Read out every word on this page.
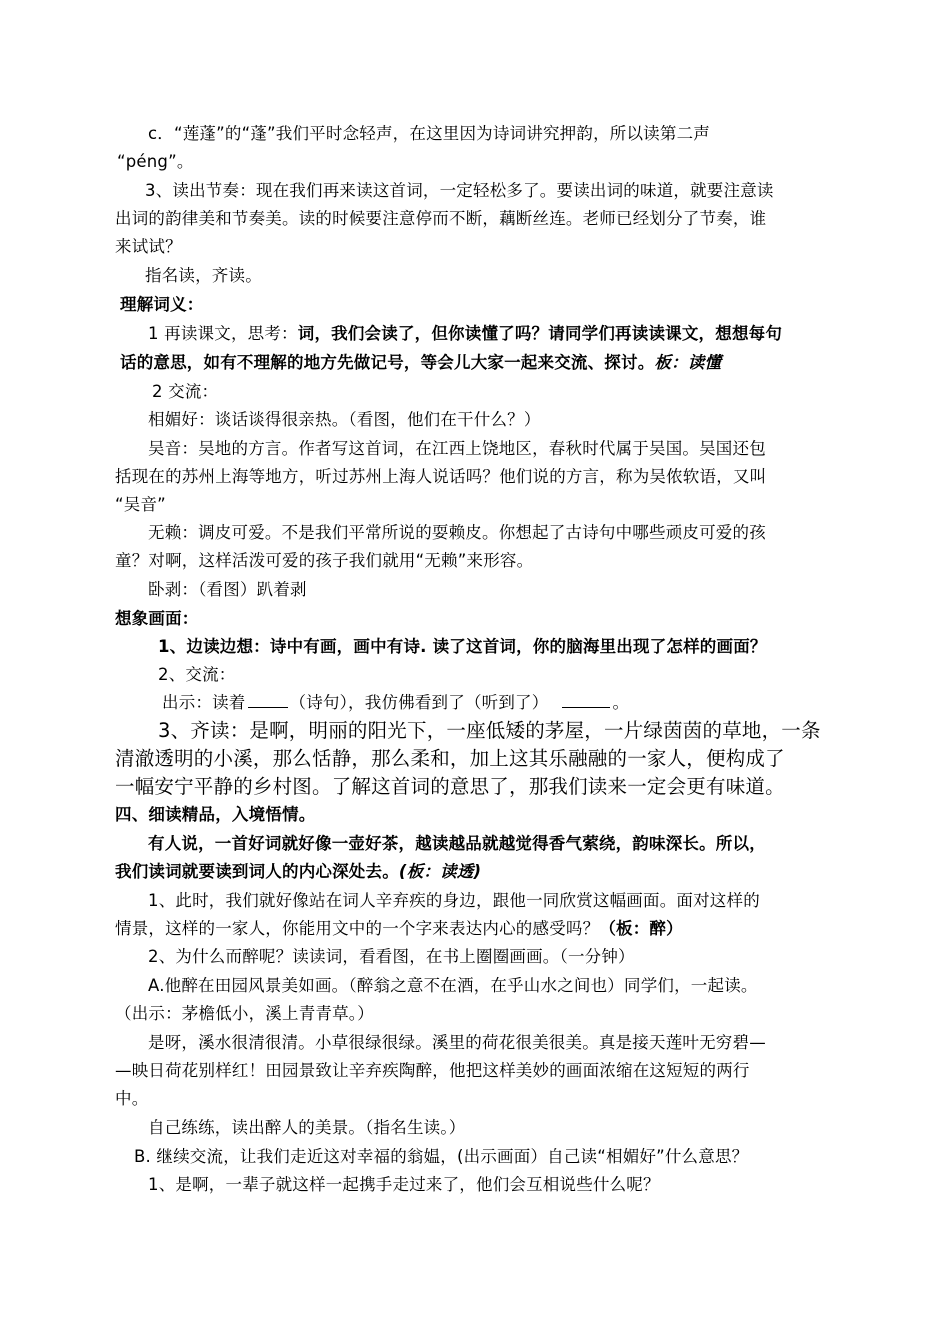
c．“莲蓬”的“蓬”我们平时念轻声，在这里因为诗词讲究押韵，所以读第二声
“péng”。
3、读出节奏：现在我们再来读这首词，一定轻松多了。要读出词的味道，就要注意读
出词的韵律美和节奏美。读的时候要注意停而不断，藕断丝连。老师已经划分了节奏，谁
来试试？
指名读，齐读。
理解词义：
1 再读课文，思考：词，我们会读了，但你读懂了吗？请同学们再读读课文，想想每句
话的意思，如有不理解的地方先做记号，等会儿大家一起来交流、探讨。板：读懂
2 交流：
相媚好：谈话谈得很亲热。（看图，他们在干什么？）
吴音：吴地的方言。作者写这首词，在江西上饶地区，春秋时代属于吴国。吴国还包
括现在的苏州上海等地方，听过苏州上海人说话吗？他们说的方言，称为吴侬软语，又叫
“吴音”
无赖：调皮可爱。不是我们平常所说的耍赖皮。你想起了古诗句中哪些顽皮可爱的孩
童？对啊，这样活泼可爱的孩子我们就用“无赖”来形容。
卧剥：（看图）趴着剥
想象画面：
1、边读边想：诗中有画，画中有诗. 读了这首词，你的脑海里出现了怎样的画面？
2、交流：
出示：读着	（诗句），我仿佛看到了（听到了）	。
3、齐读：是啊，明丽的阳光下，一座低矮的茅屋，一片绿茵茵的草地，一条
清澈透明的小溪，那么恬静，那么柔和，加上这其乐融融的一家人，便构成了
一幅安宁平静的乡村图。了解这首词的意思了，那我们读来一定会更有味道。
四、细读精品，入境悟情。
有人说，一首好词就好像一壶好茶，越读越品就越觉得香气萦绕，韵味深长。所以，
我们读词就要读到词人的内心深处去。(板：读透)
1、此时，我们就好像站在词人辛弃疾的身边，跟他一同欣赏这幅画面。面对这样的
情景，这样的一家人，你能用文中的一个字来表达内心的感受吗？（板：醉）
2、为什么而醉呢？读读词，看看图，在书上圈圈画画。（一分钟）
A.他醉在田园风景美如画。（醉翁之意不在酒，在乎山水之间也）同学们，一起读。
（出示：茅檐低小，溪上青青草。）
是呀，溪水很清很清。小草很绿很绿。溪里的荷花很美很美。真是接天莲叶无穷碧—
—映日荷花别样红！田园景致让辛弃疾陶醉，他把这样美妙的画面浓缩在这短短的两行
中。
自己练练，读出醉人的美景。（指名生读。）
B. 继续交流，让我们走近这对幸福的翁媪，(出示画面）自己读“相媚好”什么意思？
1、是啊，一辈子就这样一起携手走过来了，他们会互相说些什么呢？
